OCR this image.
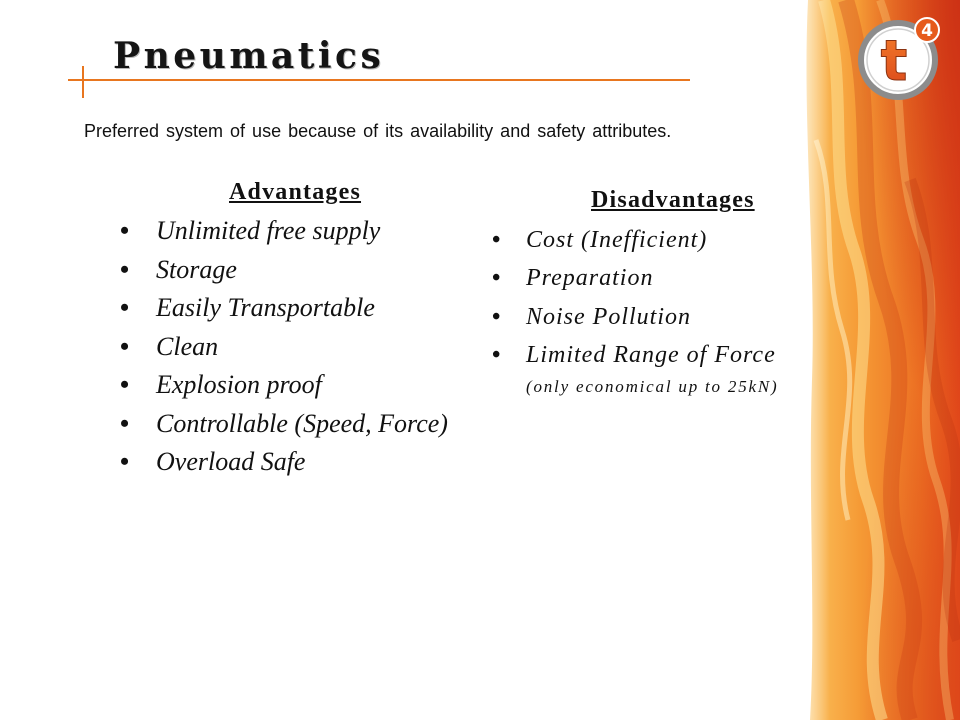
Pneumatics

Preferred system of use because of its availability and safety attributes.

Advantages
• Unlimited free supply
• Storage
• Easily Transportable
• Clean
• Explosion proof
• Controllable (Speed, Force)
• Overload Safe
Disadvantages
• Cost (Inefficient)
• Preparation
• Noise Pollution
• Limited Range of Force

(only economical up to 25kN)

t 4
